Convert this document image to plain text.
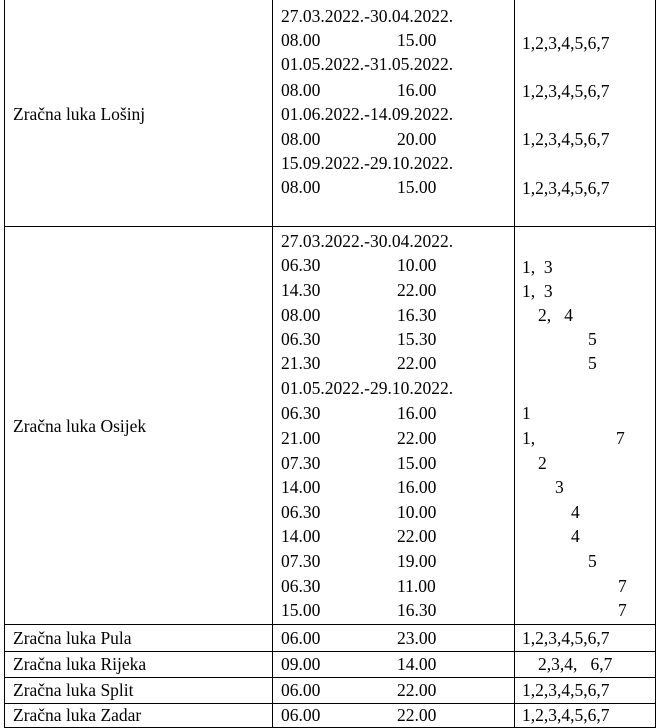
Zračna luka Lošinj
27.03.2022.-30.04.2022.
08.00	15.00	1,2,3,4,5,6,7
01.05.2022.-31.05.2022.
08.00	16.00	1,2,3,4,5,6,7
01.06.2022.-14.09.2022.
08.00	20.00	1,2,3,4,5,6,7
15.09.2022.-29.10.2022.
08.00	15.00	1,2,3,4,5,6,7
Zračna luka Osijek
27.03.2022.-30.04.2022.
06.30	10.00	1,  3
14.30	22.00	1,  3
08.00	16.30	2,   4
06.30	15.30	5
21.30	22.00	5
01.05.2022.-29.10.2022.
06.30	16.00	1
21.00	22.00	1,	7
07.30	15.00	2
14.00	16.00	3
06.30	10.00	4
14.00	22.00	4
07.30	19.00	5
06.30	11.00	7
15.00	16.30	7
Zračna luka Pula	06.00	23.00	1,2,3,4,5,6,7
Zračna luka Rijeka	09.00	14.00	2,3,4,   6,7
Zračna luka Split	06.00	22.00	1,2,3,4,5,6,7
Zračna luka Zadar	06.00	22.00	1,2,3,4,5,6,7
